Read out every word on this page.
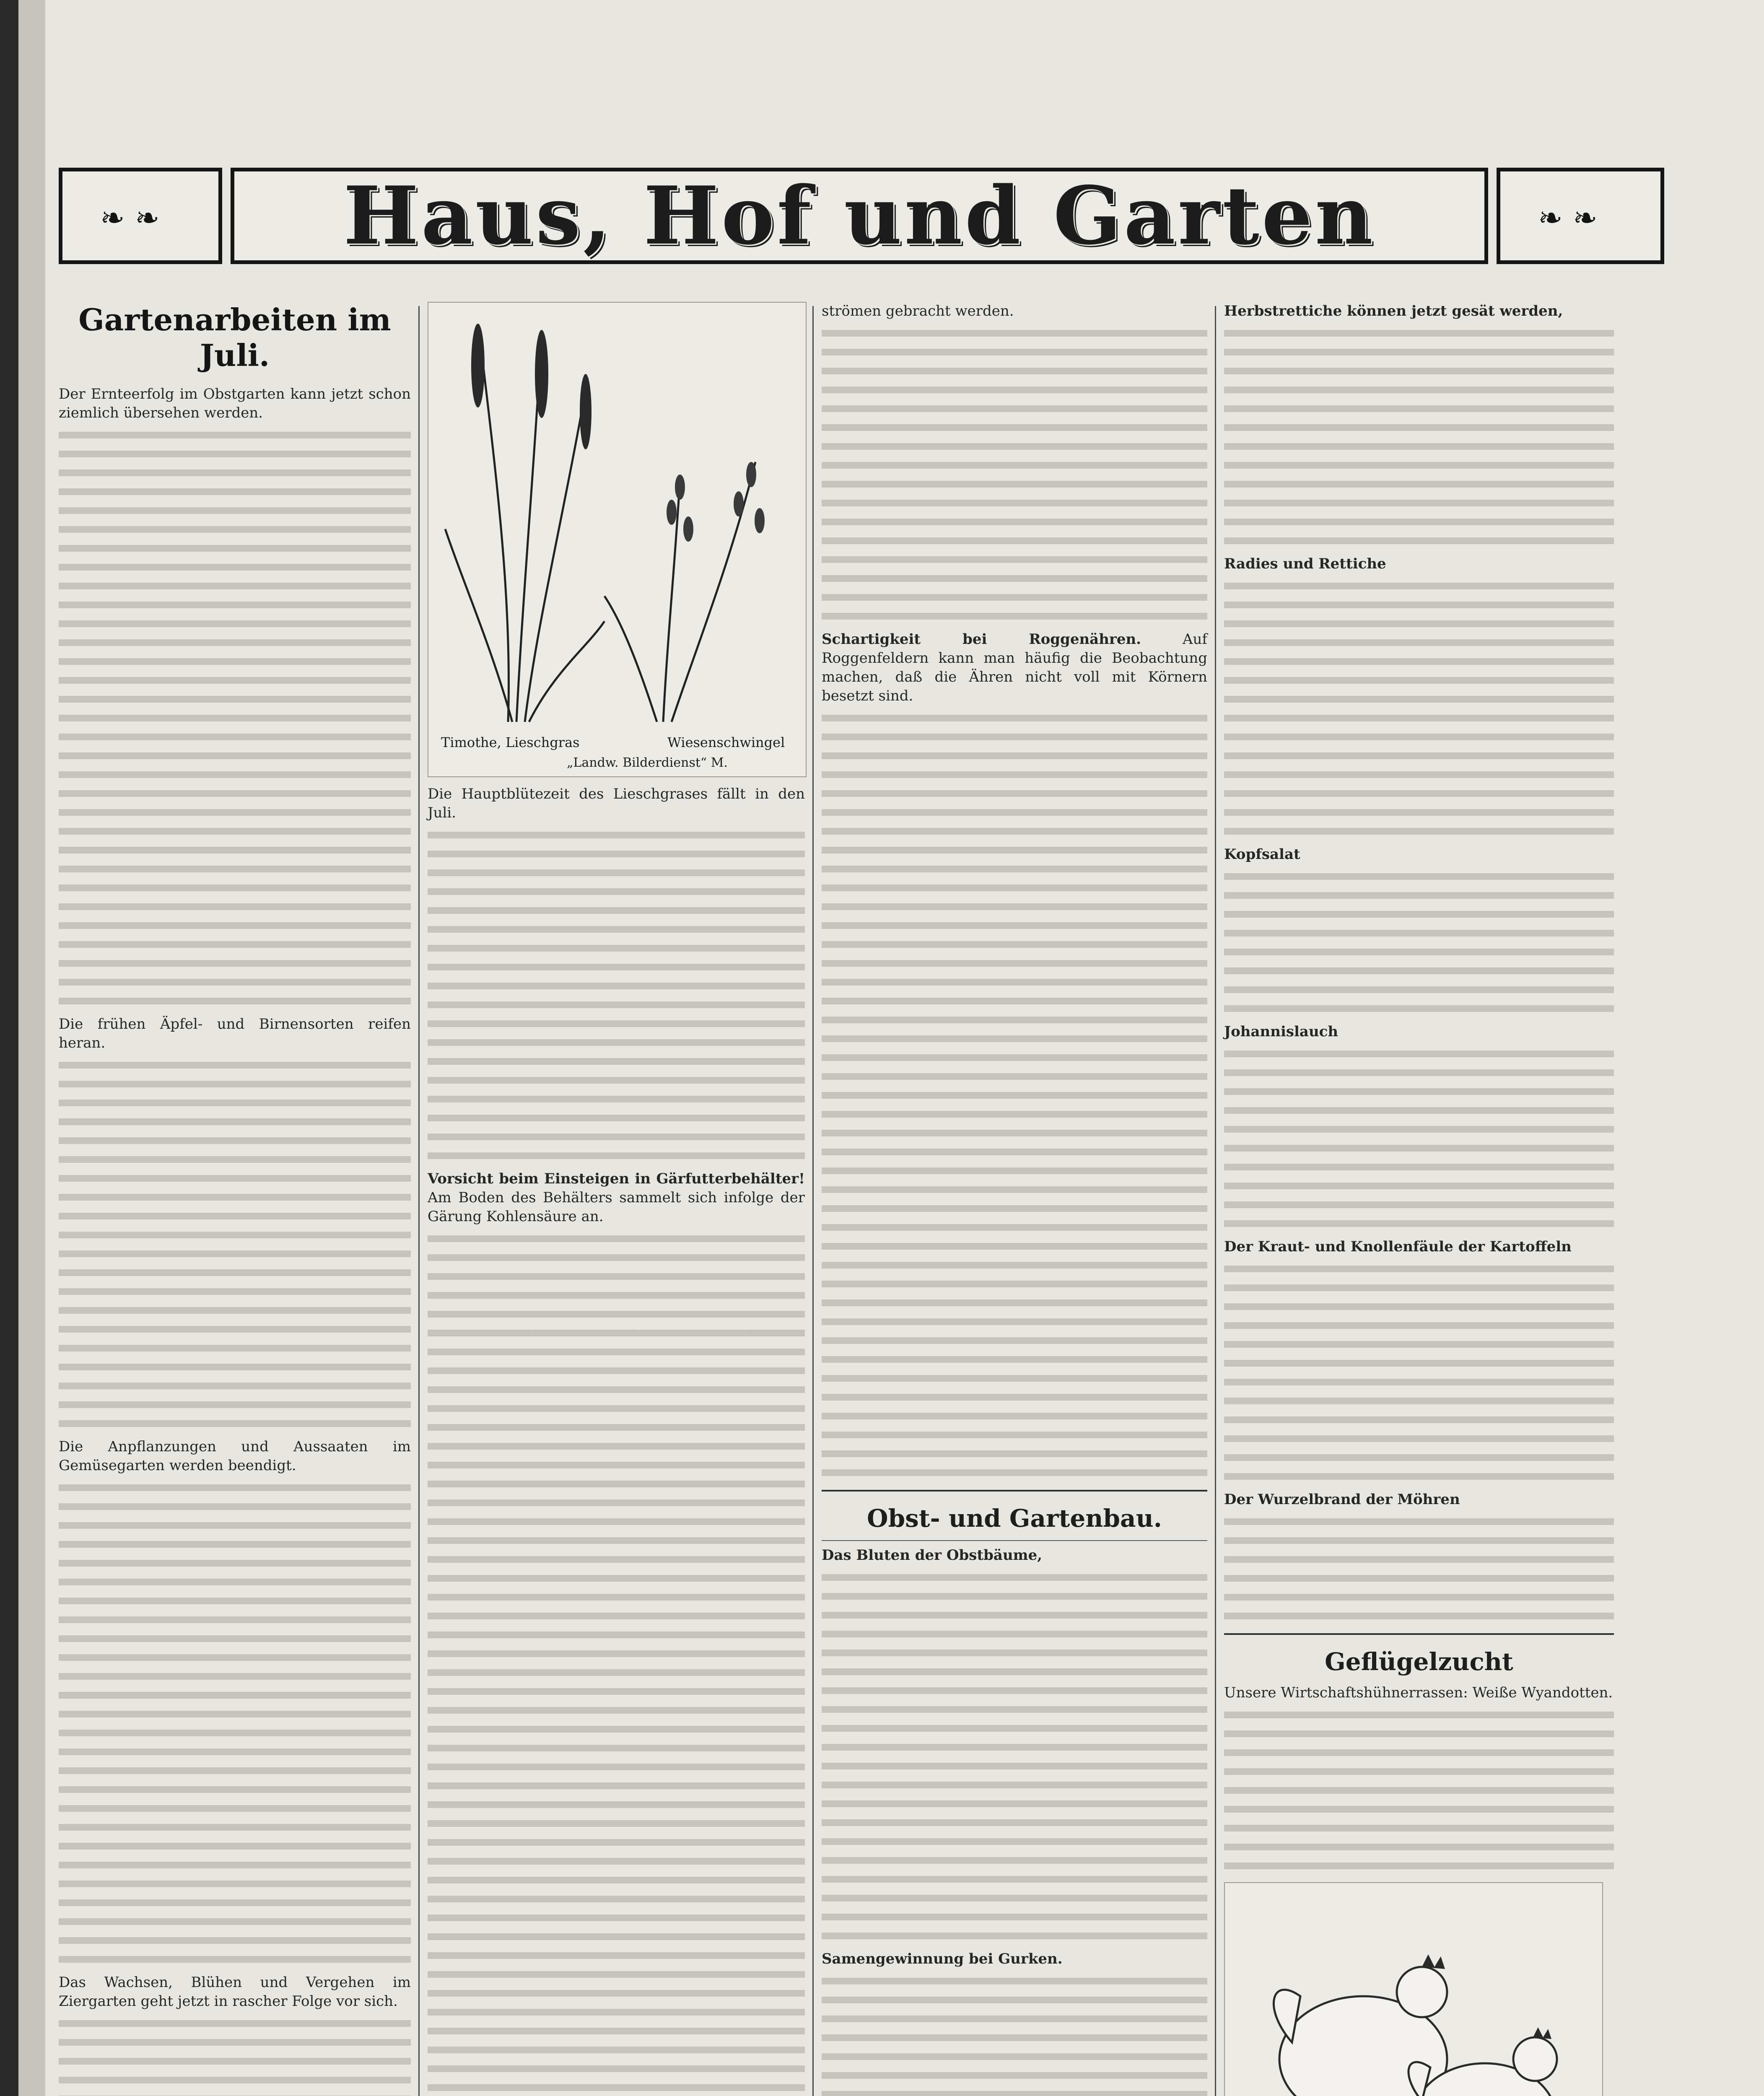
❧ ❧	Haus, Hof und Garten	❧ ❧
Gartenarbeiten im Juli.

Der Ernteerfolg im Obstgarten kann jetzt schon ziemlich übersehen werden.

Die frühen Äpfel- und Birnensorten reifen heran.

Die Anpflanzungen und Aussaaten im Gemüsegarten werden beendigt.

Das Wachsen, Blühen und Vergehen im Ziergarten geht jetzt in rascher Folge vor sich.

Timothe, Lieschgras	Wiesenschwingel
„Landw. Bilderdienst“ M.

Die Hauptblütezeit des Lieschgrases fällt in den Juli.

Vorsicht beim Einsteigen in Gärfutterbehälter! Am Boden des Behälters sammelt sich infolge der Gärung Kohlensäure an.

strömen gebracht werden.

Schartigkeit bei Roggenähren.	Auf Roggenfeldern kann man häufig die Beobachtung machen, daß die Ähren nicht voll mit Körnern besetzt sind.

Obst- und Gartenbau.

Das Bluten der Obstbäume,

Samengewinnung bei Gurken.

Herbstrettiche können jetzt gesät werden,

Radies und Rettiche

Kopfsalat

Johannislauch

Der Kraut- und Knollenfäule der Kartoffeln

Der Wurzelbrand der Möhren

Geflügelzucht

Unsere Wirtschaftshühnerrassen: Weiße Wyandotten.
